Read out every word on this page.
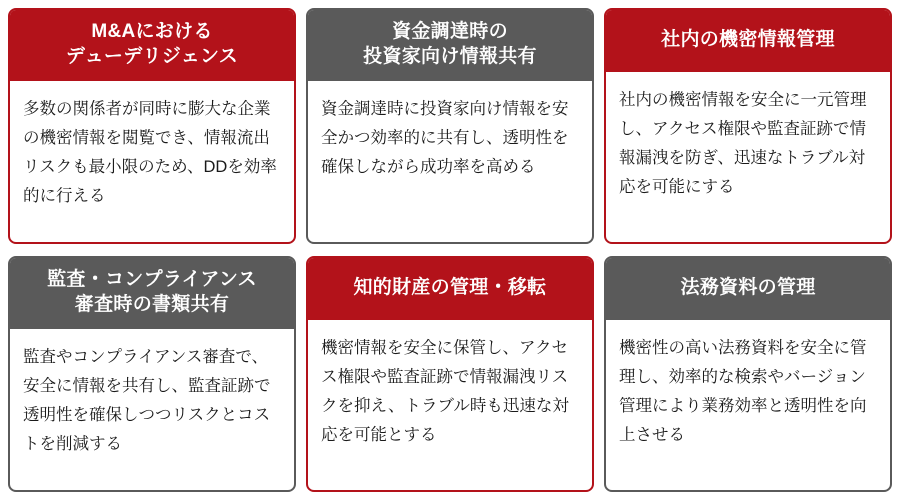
M&Aにおける
デューデリジェンス
多数の関係者が同時に膨大な企業の機密情報を閲覧でき、情報流出リスクも最小限のため、DDを効率的に行える
資金調達時の
投資家向け情報共有
資金調達時に投資家向け情報を安全かつ効率的に共有し、透明性を確保しながら成功率を高める
社内の機密情報管理
社内の機密情報を安全に一元管理し、アクセス権限や監査証跡で情報漏洩を防ぎ、迅速なトラブル対応を可能にする
監査・コンプライアンス
審査時の書類共有
監査やコンプライアンス審査で、安全に情報を共有し、監査証跡で透明性を確保しつつリスクとコストを削減する
知的財産の管理・移転
機密情報を安全に保管し、アクセス権限や監査証跡で情報漏洩リスクを抑え、トラブル時も迅速な対応を可能とする
法務資料の管理
機密性の高い法務資料を安全に管理し、効率的な検索やバージョン管理により業務効率と透明性を向上させる
